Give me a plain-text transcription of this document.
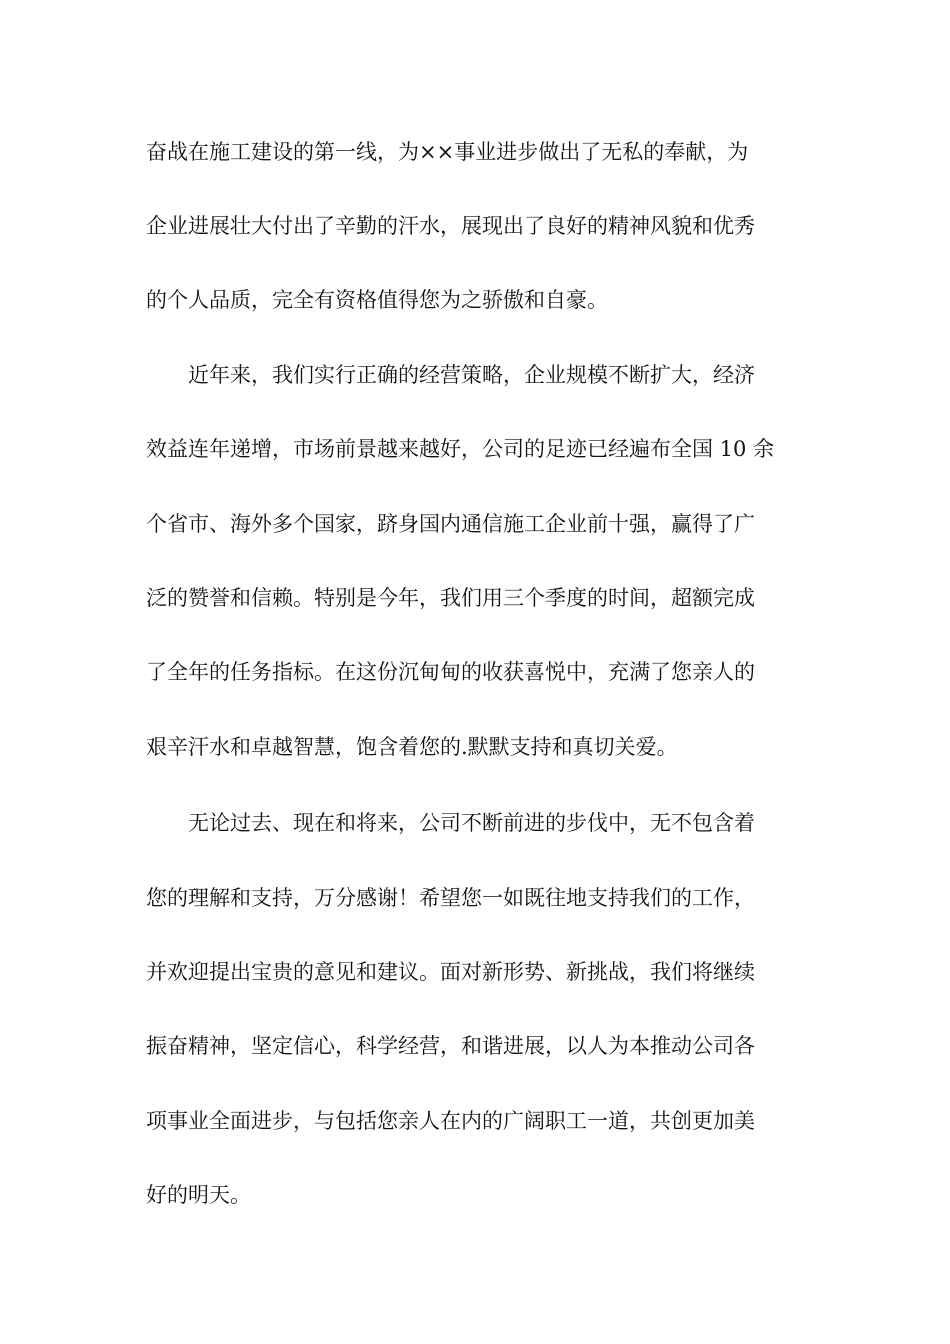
奋战在施工建设的第一线，为××事业进步做出了无私的奉献，为
企业进展壮大付出了辛勤的汗水，展现出了良好的精神风貌和优秀
的个人品质，完全有资格值得您为之骄傲和自豪。
近年来，我们实行正确的经营策略，企业规模不断扩大，经济
效益连年递增，市场前景越来越好，公司的足迹已经遍布全国 10 余
个省市、海外多个国家，跻身国内通信施工企业前十强，赢得了广
泛的赞誉和信赖。特别是今年，我们用三个季度的时间，超额完成
了全年的任务指标。在这份沉甸甸的收获喜悦中，充满了您亲人的
艰辛汗水和卓越智慧，饱含着您的.默默支持和真切关爱。
无论过去、现在和将来，公司不断前进的步伐中，无不包含着
您的理解和支持，万分感谢！希望您一如既往地支持我们的工作，
并欢迎提出宝贵的意见和建议。面对新形势、新挑战，我们将继续
振奋精神，坚定信心，科学经营，和谐进展，以人为本推动公司各
项事业全面进步，与包括您亲人在内的广阔职工一道，共创更加美
好的明天。
